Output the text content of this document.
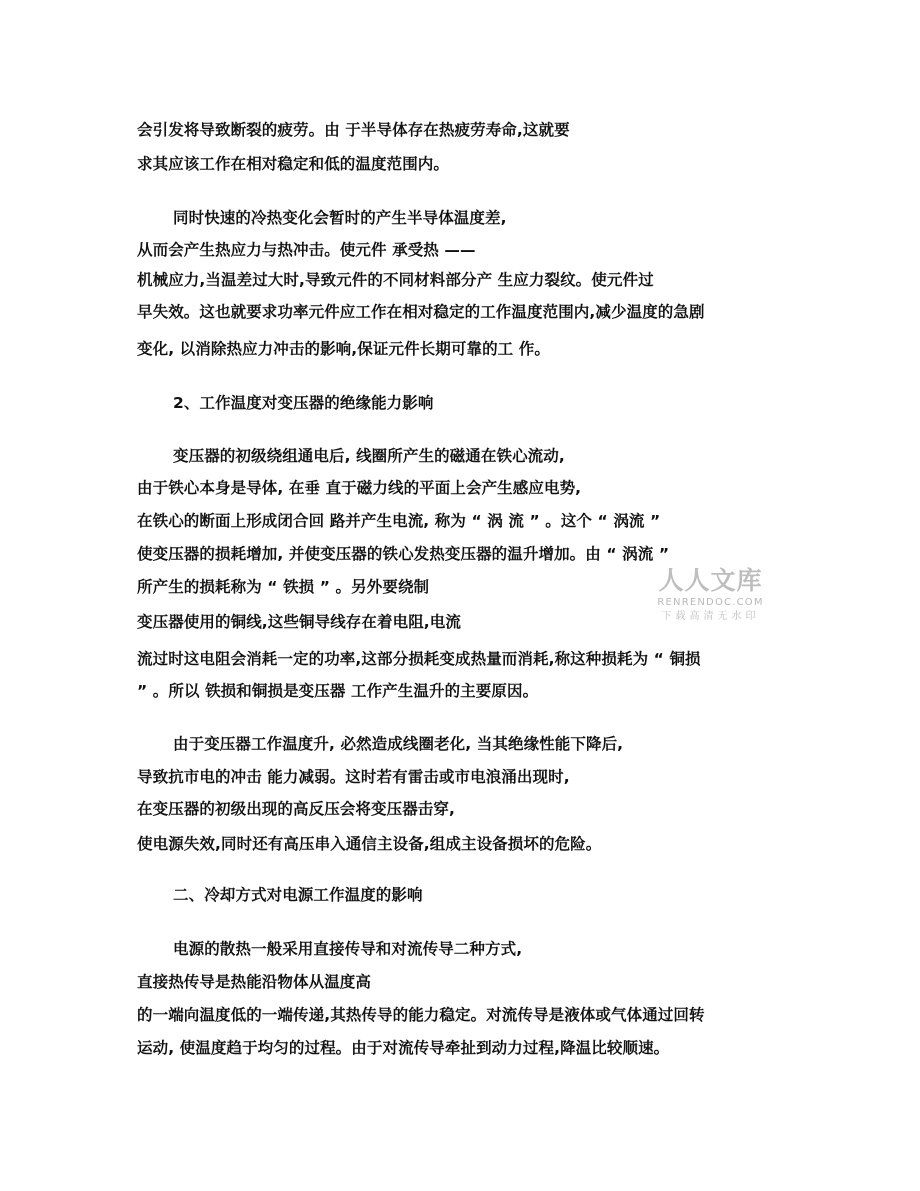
会引发将导致断裂的疲劳。由 于半导体存在热疲劳寿命,这就要
求其应该工作在相对稳定和低的温度范围内。
同时快速的冷热变化会暂时的产生半导体温度差,
从而会产生热应力与热冲击。使元件 承受热 ——
机械应力,当温差过大时,导致元件的不同材料部分产 生应力裂纹。使元件过
早失效。这也就要求功率元件应工作在相对稳定的工作温度范围内,减少温度的急剧
变化, 以消除热应力冲击的影响,保证元件长期可靠的工 作。
2、工作温度对变压器的绝缘能力影响
变压器的初级绕组通电后, 线圈所产生的磁通在铁心流动,
由于铁心本身是导体, 在垂 直于磁力线的平面上会产生感应电势,
在铁心的断面上形成闭合回 路并产生电流, 称为 “ 涡 流 ” 。这个 “ 涡流 ”
使变压器的损耗增加, 并使变压器的铁心发热变压器的温升增加。由 “ 涡流 ”
所产生的损耗称为 “ 铁损 ” 。另外要绕制
变压器使用的铜线,这些铜导线存在着电阻,电流
流过时这电阻会消耗一定的功率,这部分损耗变成热量而消耗,称这种损耗为 “ 铜损
” 。所以 铁损和铜损是变压器 工作产生温升的主要原因。
由于变压器工作温度升, 必然造成线圈老化, 当其绝缘性能下降后,
导致抗市电的冲击 能力减弱。这时若有雷击或市电浪涌出现时,
在变压器的初级出现的高反压会将变压器击穿,
使电源失效,同时还有高压串入通信主设备,组成主设备损坏的危险。
二、冷却方式对电源工作温度的影响
电源的散热一般采用直接传导和对流传导二种方式,
直接热传导是热能沿物体从温度高
的一端向温度低的一端传递,其热传导的能力稳定。对流传导是液体或气体通过回转
运动, 使温度趋于均匀的过程。由于对流传导牵扯到动力过程,降温比较顺速。
人人文库
RENRENDOC.COM
下载高清无水印
